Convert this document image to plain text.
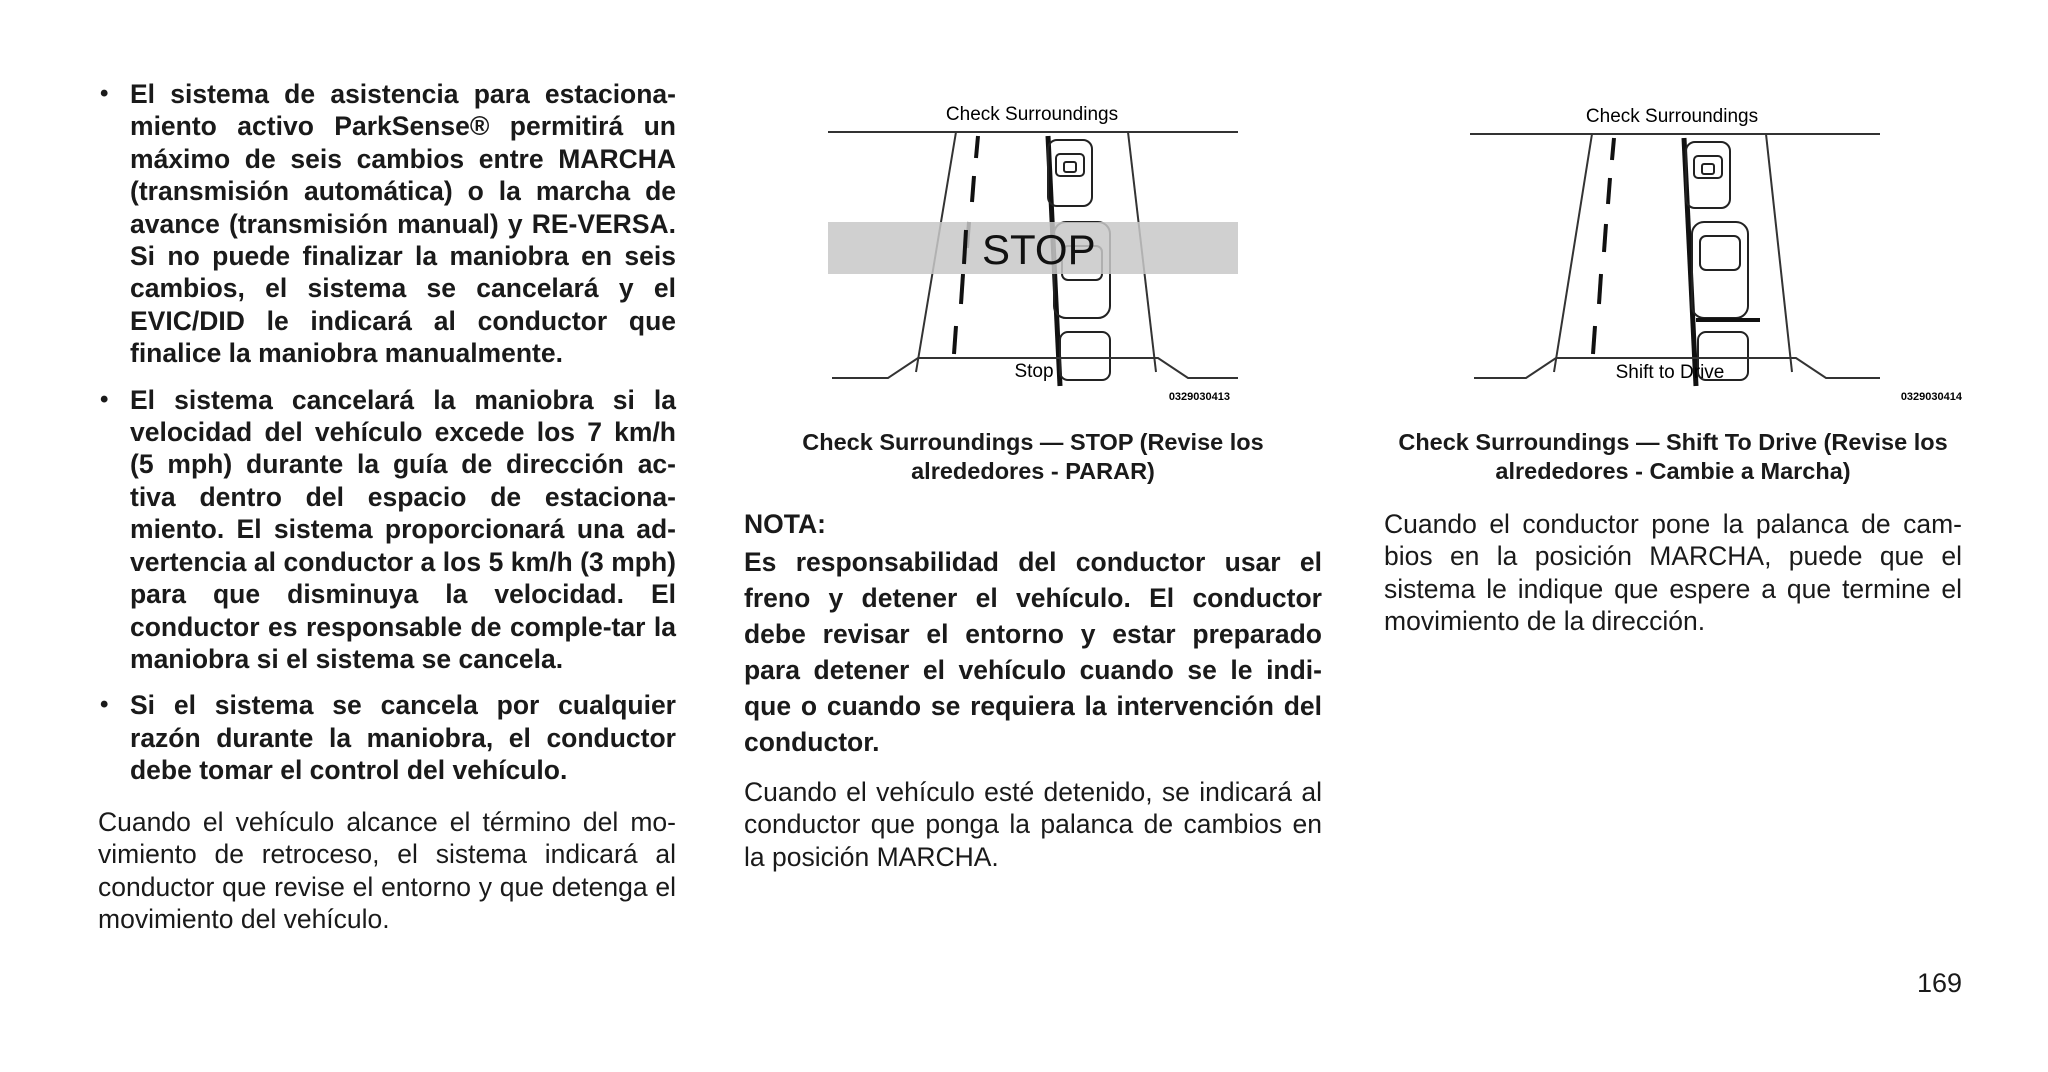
• El sistema de asistencia para estaciona-miento activo ParkSense® permitirá un máximo de seis cambios entre MARCHA (transmisión automática) o la marcha de avance (transmisión manual) y RE-VERSA. Si no puede finalizar la maniobra en seis cambios, el sistema se cancelará y el EVIC/DID le indicará al conductor que finalice la maniobra manualmente.
• El sistema cancelará la maniobra si la velocidad del vehículo excede los 7 km/h (5 mph) durante la guía de dirección ac-tiva dentro del espacio de estaciona-miento. El sistema proporcionará una ad-vertencia al conductor a los 5 km/h (3 mph) para que disminuya la velocidad. El conductor es responsable de comple-tar la maniobra si el sistema se cancela.
• Si el sistema se cancela por cualquier razón durante la maniobra, el conductor debe tomar el control del vehículo.

Cuando el vehículo alcance el término del mo-vimiento de retroceso, el sistema indicará al conductor que revise el entorno y que detenga el movimiento del vehículo.

Check Surroundings
STOP
Stop
0329030413
Check Surroundings — STOP (Revise los alrededores - PARAR)

NOTA:

Es responsabilidad del conductor usar el freno y detener el vehículo. El conductor debe revisar el entorno y estar preparado para detener el vehículo cuando se le indi-que o cuando se requiera la intervención del conductor.

Cuando el vehículo esté detenido, se indicará al conductor que ponga la palanca de cambios en la posición MARCHA.

Check Surroundings
Shift to Drive
0329030414
Check Surroundings — Shift To Drive (Revise los alrededores - Cambie a Marcha)

Cuando el conductor pone la palanca de cam-bios en la posición MARCHA, puede que el sistema le indique que espere a que termine el movimiento de la dirección.

169
